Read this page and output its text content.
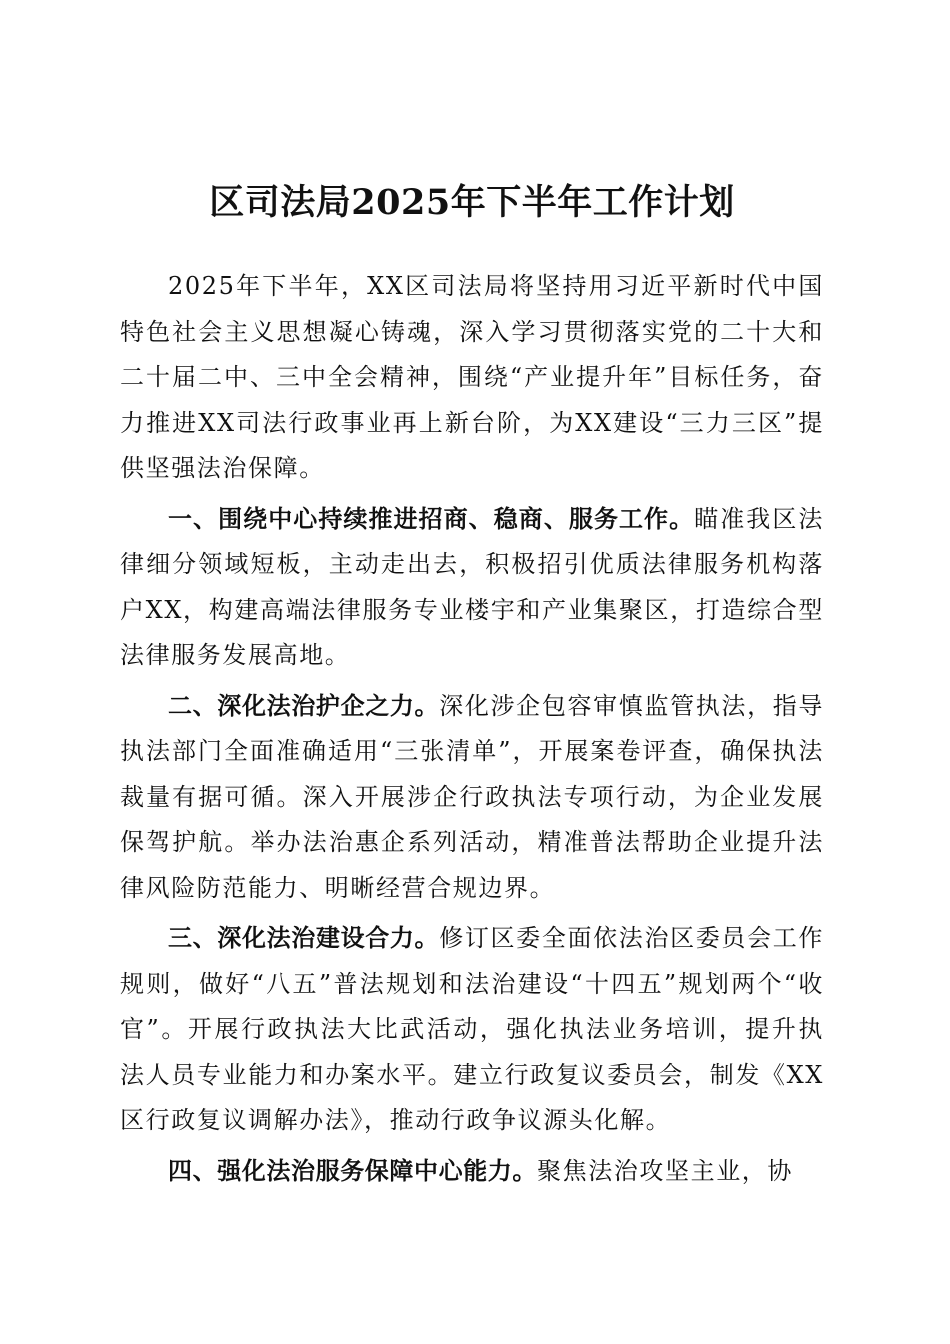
区司法局2025年下半年工作计划

2025年下半年，XX区司法局将坚持用习近平新时代中国特色社会主义思想凝心铸魂，深入学习贯彻落实党的二十大和二十届二中、三中全会精神，围绕“产业提升年”目标任务，奋力推进XX司法行政事业再上新台阶，为XX建设“三力三区”提供坚强法治保障。

一、围绕中心持续推进招商、稳商、服务工作。瞄准我区法律细分领域短板，主动走出去，积极招引优质法律服务机构落户XX，构建高端法律服务专业楼宇和产业集聚区，打造综合型法律服务发展高地。

二、深化法治护企之力。深化涉企包容审慎监管执法，指导执法部门全面准确适用“三张清单”，开展案卷评查，确保执法裁量有据可循。深入开展涉企行政执法专项行动，为企业发展保驾护航。举办法治惠企系列活动，精准普法帮助企业提升法律风险防范能力、明晰经营合规边界。

三、深化法治建设合力。修订区委全面依法治区委员会工作规则，做好“八五”普法规划和法治建设“十四五”规划两个“收官”。开展行政执法大比武活动，强化执法业务培训，提升执法人员专业能力和办案水平。建立行政复议委员会，制发《XX区行政复议调解办法》，推动行政争议源头化解。

四、强化法治服务保障中心能力。聚焦法治攻坚主业，协
